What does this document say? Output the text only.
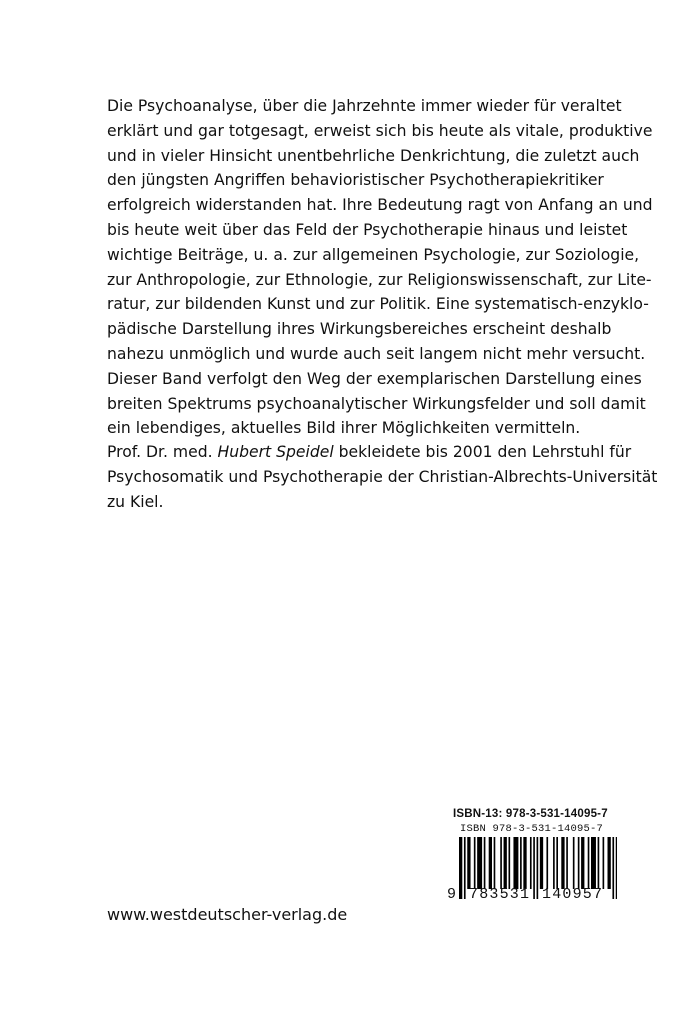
Die Psychoanalyse, über die Jahrzehnte immer wieder für veraltet
erklärt und gar totgesagt, erweist sich bis heute als vitale, produktive
und in vieler Hinsicht unentbehrliche Denkrichtung, die zuletzt auch
den jüngsten Angriffen behavioristischer Psychotherapiekritiker
erfolgreich widerstanden hat. Ihre Bedeutung ragt von Anfang an und
bis heute weit über das Feld der Psychotherapie hinaus und leistet
wichtige Beiträge, u. a. zur allgemeinen Psychologie, zur Soziologie,
zur Anthropologie, zur Ethnologie, zur Religionswissenschaft, zur Lite-
ratur, zur bildenden Kunst und zur Politik. Eine systematisch-enzyklo-
pädische Darstellung ihres Wirkungsbereiches erscheint deshalb
nahezu unmöglich und wurde auch seit langem nicht mehr versucht.
Dieser Band verfolgt den Weg der exemplarischen Darstellung eines
breiten Spektrums psychoanalytischer Wirkungsfelder und soll damit
ein lebendiges, aktuelles Bild ihrer Möglichkeiten vermitteln.
Prof. Dr. med. Hubert Speidel bekleidete bis 2001 den Lehrstuhl für
Psychosomatik und Psychotherapie der Christian-Albrechts-Universität
zu Kiel.
www.westdeutscher-verlag.de
ISBN-13: 978-3-531-14095-7
ISBN 978-3-531-14095-7
9 783531 140957
